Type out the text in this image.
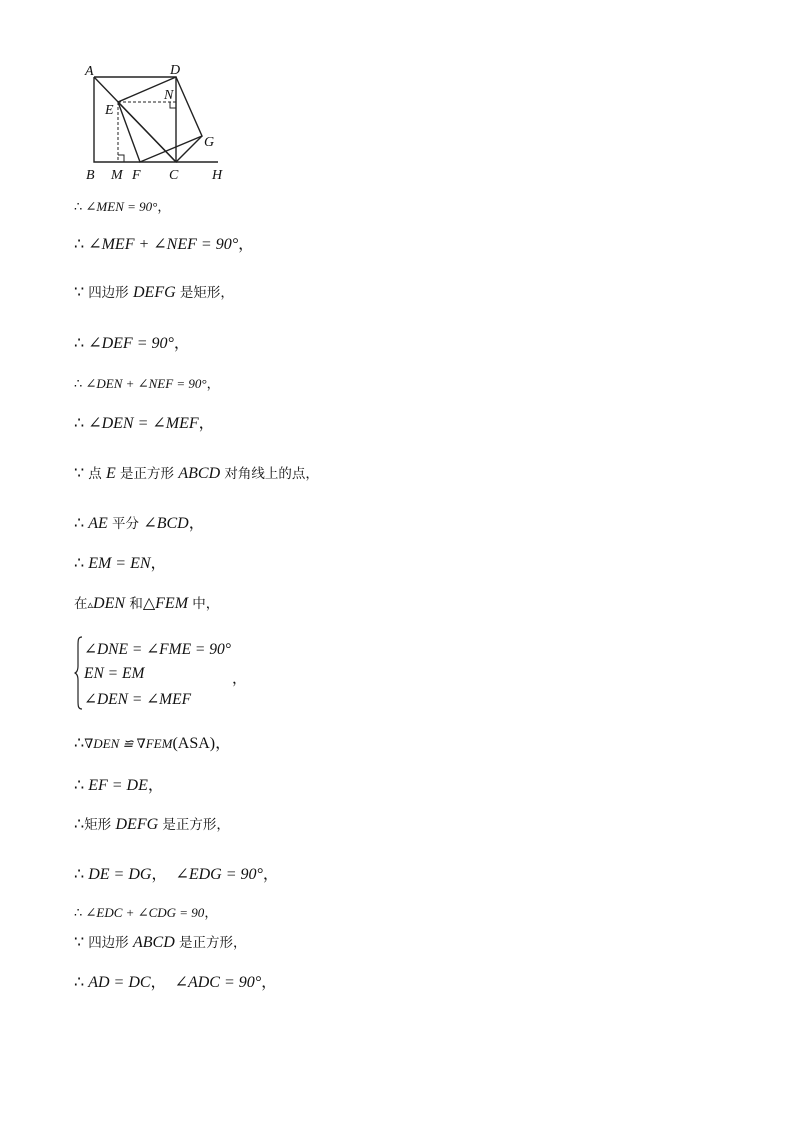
A	D
E
N
G
B M F C H
∴ ∠MEN = 90°，
∴ ∠MEF + ∠NEF = 90°，
∵ 四边形 DEFG 是矩形，
∴ ∠DEF = 90°，
∴ ∠DEN + ∠NEF = 90°，
∴ ∠DEN = ∠MEF，
∵ 点 E 是正方形 ABCD 对角线上的点，
∴ AE 平分 ∠BCD，
∴ EM = EN，
在▵DEN 和△FEM 中，
∠DNE = ∠FME = 90°
EN = EM
∠DEN = ∠MEF
，
∴∇DEN ≌ ∇FEM(ASA)，
∴ EF = DE，
∴矩形 DEFG 是正方形，
∴ DE = DG，  ∠EDG = 90°，
∴ ∠EDC + ∠CDG = 90，
∵ 四边形 ABCD 是正方形，
∴ AD = DC，  ∠ADC = 90°，
